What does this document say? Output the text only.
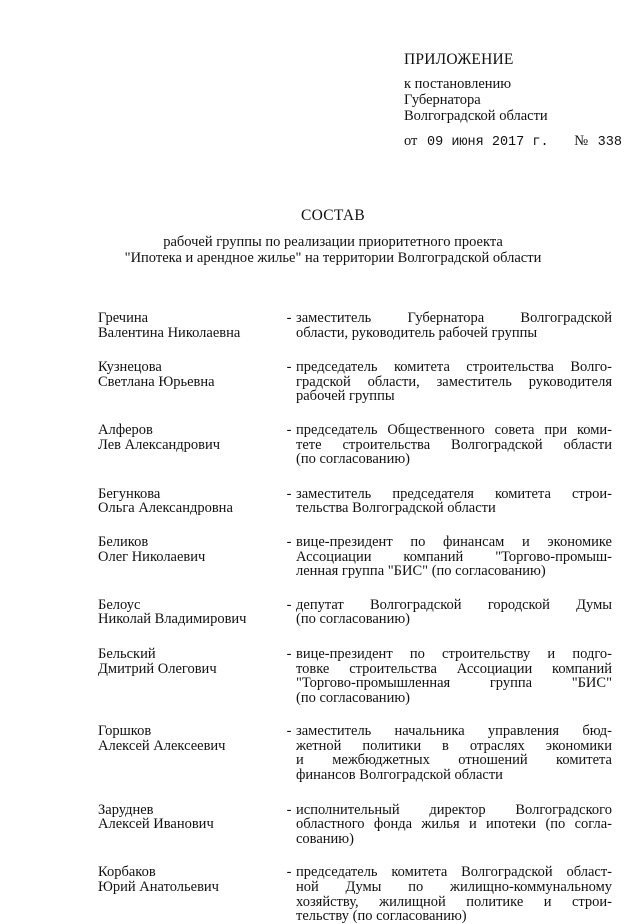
ПРИЛОЖЕНИЕ
к постановлению
Губернатора
Волгоградской области
от 09 июня 2017 г. № 338
СОСТАВ
рабочей группы по реализации приоритетного проекта
"Ипотека и арендное жилье" на территории Волгоградской области
Гречина
Валентина Николаевна
- заместитель Губернатора Волгоградской
области, руководитель рабочей группы
Кузнецова
Светлана Юрьевна
- председатель комитета строительства Волго-
градской области, заместитель руководителя
рабочей группы
Алферов
Лев Александрович
- председатель Общественного совета при коми-
тете строительства Волгоградской области
(по согласованию)
Бегункова
Ольга Александровна
- заместитель председателя комитета строи-
тельства Волгоградской области
Беликов
Олег Николаевич
- вице-президент по финансам и экономике
Ассоциации компаний "Торгово-промыш-
ленная группа "БИС" (по согласованию)
Белоус
Николай Владимирович
- депутат Волгоградской городской Думы
(по согласованию)
Бельский
Дмитрий Олегович
- вице-президент по строительству и подго-
товке строительства Ассоциации компаний
"Торгово-промышленная группа "БИС"
(по согласованию)
Горшков
Алексей Алексеевич
- заместитель начальника управления бюд-
жетной политики в отраслях экономики
и межбюджетных отношений комитета
финансов Волгоградской области
Заруднев
Алексей Иванович
- исполнительный директор Волгоградского
областного фонда жилья и ипотеки (по согла-
сованию)
Корбаков
Юрий Анатольевич
- председатель комитета Волгоградской област-
ной Думы по жилищно-коммунальному
хозяйству, жилищной политике и строи-
тельству (по согласованию)
